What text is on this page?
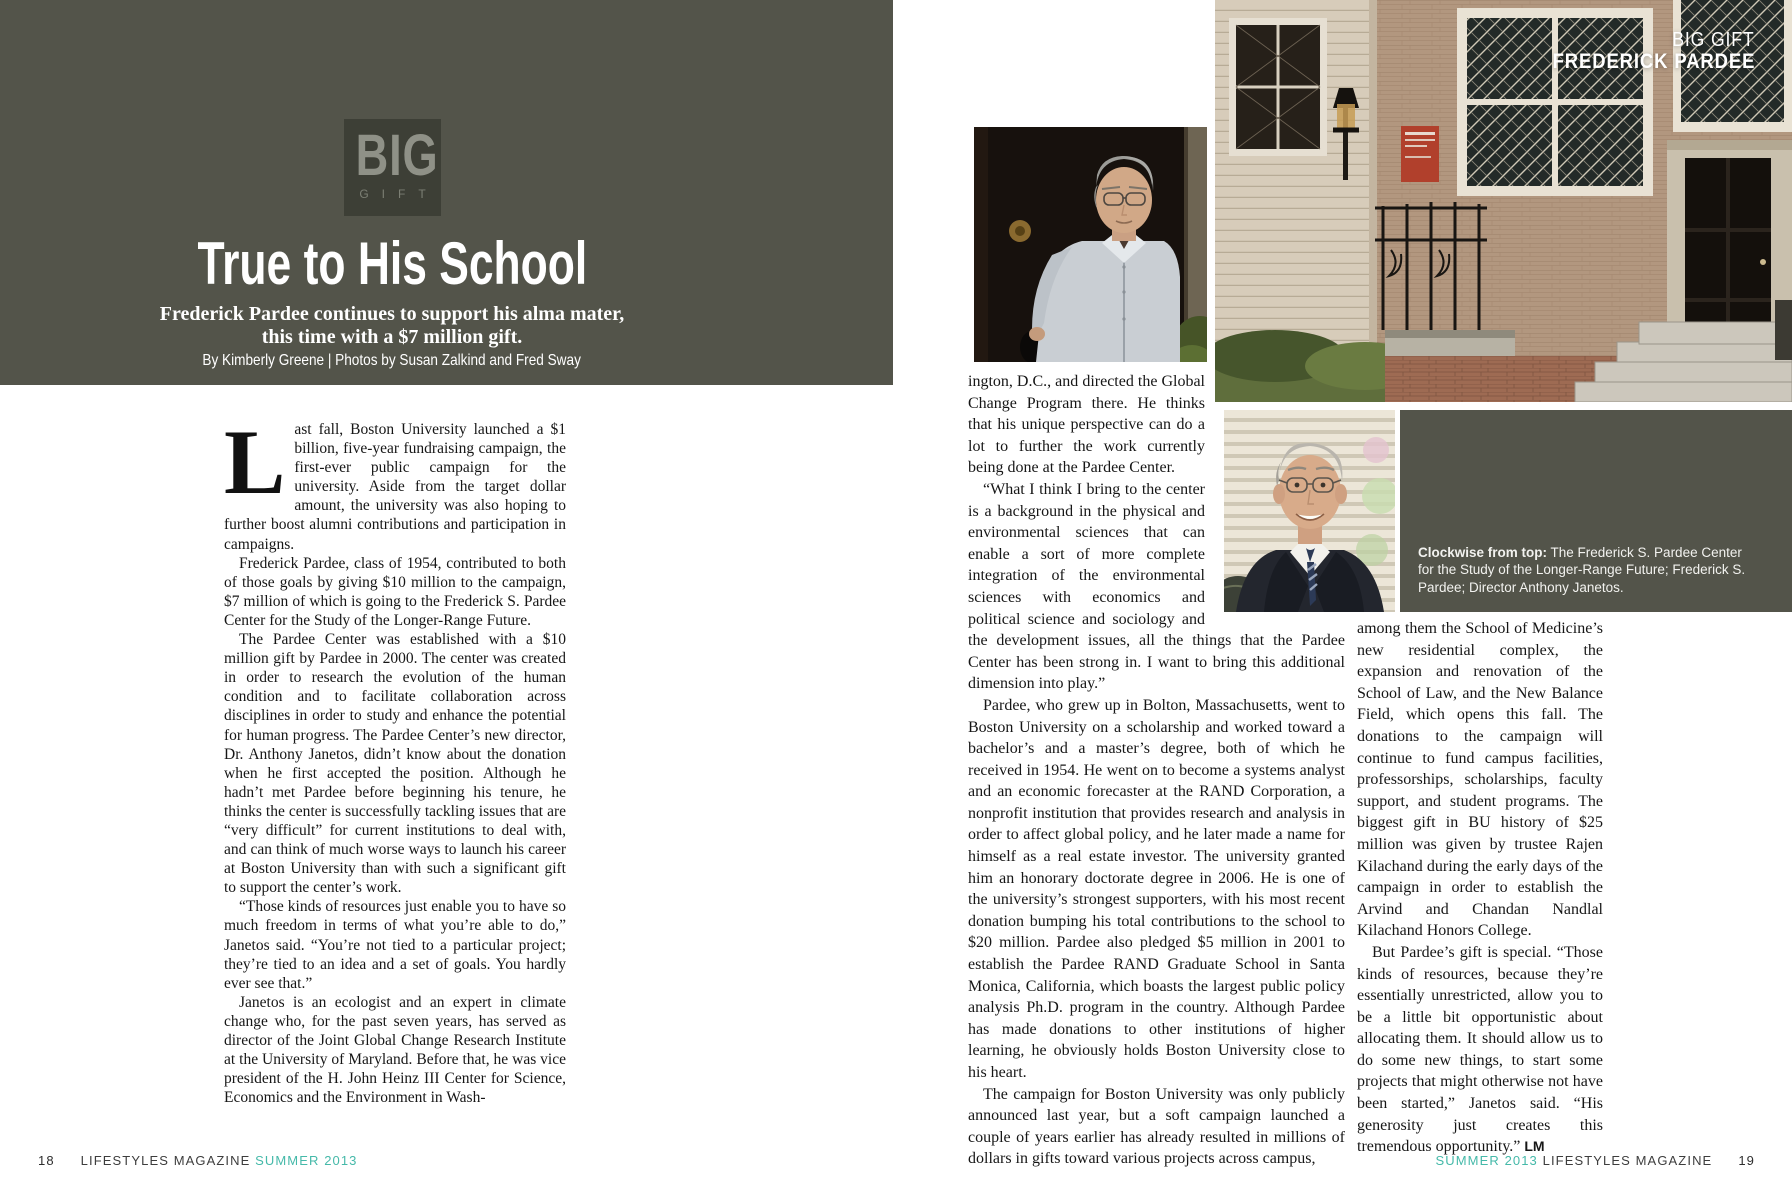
BIG
GIFT
True to His School
Frederick Pardee continues to support his alma mater,
this time with a $7 million gift.
By Kimberly Greene | Photos by Susan Zalkind and Fred Sway
BIG GIFT
FREDERICK PARDEE
Clockwise from top: The Frederick S. Pardee Center for the Study of the Longer-Range Future; Frederick S. Pardee; Director Anthony Janetos.

Last fall, Boston University launched a $1 billion, five-year fundraising campaign, the first-ever public campaign for the university. Aside from the target dollar amount, the university was also hoping to further boost alumni contributions and participation in campaigns.

Frederick Pardee, class of 1954, contributed to both of those goals by giving $10 million to the campaign, $7 million of which is going to the Frederick S. Pardee Center for the Study of the Longer-Range Future.

The Pardee Center was established with a $10 million gift by Pardee in 2000. The center was created in order to research the evolution of the human condition and to facilitate collaboration across disciplines in order to study and enhance the potential for human progress. The Pardee Center’s new director, Dr. Anthony Janetos, didn’t know about the donation when he first accepted the position. Although he hadn’t met Pardee before beginning his tenure, he thinks the center is successfully tackling issues that are “very difficult” for current institutions to deal with, and can think of much worse ways to launch his career at Boston University than with such a significant gift to support the center’s work.

“Those kinds of resources just enable you to have so much freedom in terms of what you’re able to do,” Janetos said. “You’re not tied to a particular project; they’re tied to an idea and a set of goals. You hardly ever see that.”

Janetos is an ecologist and an expert in climate change who, for the past seven years, has served as director of the Joint Global Change Research Institute at the University of Maryland. Before that, he was vice president of the H. John Heinz III Center for Science, Economics and the Environment in Wash-

ington, D.C., and directed the Global Change Program there. He thinks that his unique perspective can do a lot to further the work currently being done at the Pardee Center.

“What I think I bring to the center is a background in the physical and environmental sciences that can enable a sort of more complete integration of the environmental sciences with economics and political science and sociology and the development issues, all the things that the Pardee Center has been strong in. I want to bring this additional dimension into play.”

Pardee, who grew up in Bolton, Massachusetts, went to Boston University on a scholarship and worked toward a bachelor’s and a master’s degree, both of which he received in 1954. He went on to become a systems analyst and an economic forecaster at the RAND Corporation, a nonprofit institution that provides research and analysis in order to affect global policy, and he later made a name for himself as a real estate investor. The university granted him an honorary doctorate degree in 2006. He is one of the university’s strongest supporters, with his most recent donation bumping his total contributions to the school to $20 million. Pardee also pledged $5 million in 2001 to establish the Pardee RAND Graduate School in Santa Monica, California, which boasts the largest public policy analysis Ph.D. program in the country. Although Pardee has made donations to other institutions of higher learning, he obviously holds Boston University close to his heart.

The campaign for Boston University was only publicly announced last year, but a soft campaign launched a couple of years earlier has already resulted in millions of dollars in gifts toward various projects across campus,

among them the School of Medicine’s new residential complex, the expansion and renovation of the School of Law, and the New Balance Field, which opens this fall. The donations to the campaign will continue to fund campus facilities, professorships, scholarships, faculty support, and student programs. The biggest gift in BU history of $25 million was given by trustee Rajen Kilachand during the early days of the campaign in order to establish the Arvind and Chandan Nandlal Kilachand Honors College.

But Pardee’s gift is special. “Those kinds of resources, because they’re essentially unrestricted, allow you to be a little bit opportunistic about allocating them. It should allow us to do some new things, to start some projects that might otherwise not have been started,” Janetos said. “His generosity just creates this tremendous opportunity.” LM

18 LIFESTYLES MAGAZINE SUMMER 2013	SUMMER 2013 LIFESTYLES MAGAZINE 19
